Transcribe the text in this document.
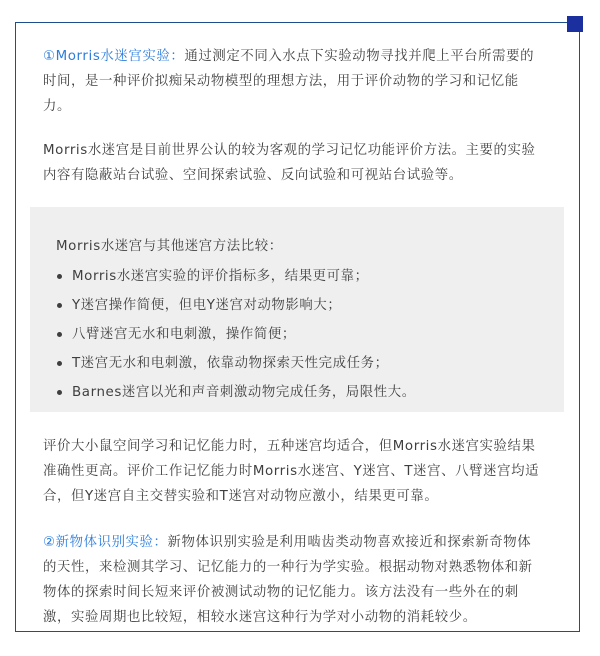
①Morris水迷宫实验：通过测定不同入水点下实验动物寻找并爬上平台所需要的
时间，是一种评价拟痴呆动物模型的理想方法，用于评价动物的学习和记忆能
力。

Morris水迷宫是目前世界公认的较为客观的学习记忆功能评价方法。主要的实验
内容有隐蔽站台试验、空间探索试验、反向试验和可视站台试验等。

Morris水迷宫与其他迷宫方法比较：

Morris水迷宫实验的评价指标多，结果更可靠；
Y迷宫操作简便，但电Y迷宫对动物影响大；
八臂迷宫无水和电刺激，操作简便；
T迷宫无水和电刺激，依靠动物探索天性完成任务；
Barnes迷宫以光和声音刺激动物完成任务，局限性大。

评价大小鼠空间学习和记忆能力时，五种迷宫均适合，但Morris水迷宫实验结果
准确性更高。评价工作记忆能力时Morris水迷宫、Y迷宫、T迷宫、八臂迷宫均适
合，但Y迷宫自主交替实验和T迷宫对动物应激小，结果更可靠。

②新物体识别实验：新物体识别实验是利用啮齿类动物喜欢接近和探索新奇物体
的天性，来检测其学习、记忆能力的一种行为学实验。根据动物对熟悉物体和新
物体的探索时间长短来评价被测试动物的记忆能力。该方法没有一些外在的刺
激，实验周期也比较短，相较水迷宫这种行为学对小动物的消耗较少。
